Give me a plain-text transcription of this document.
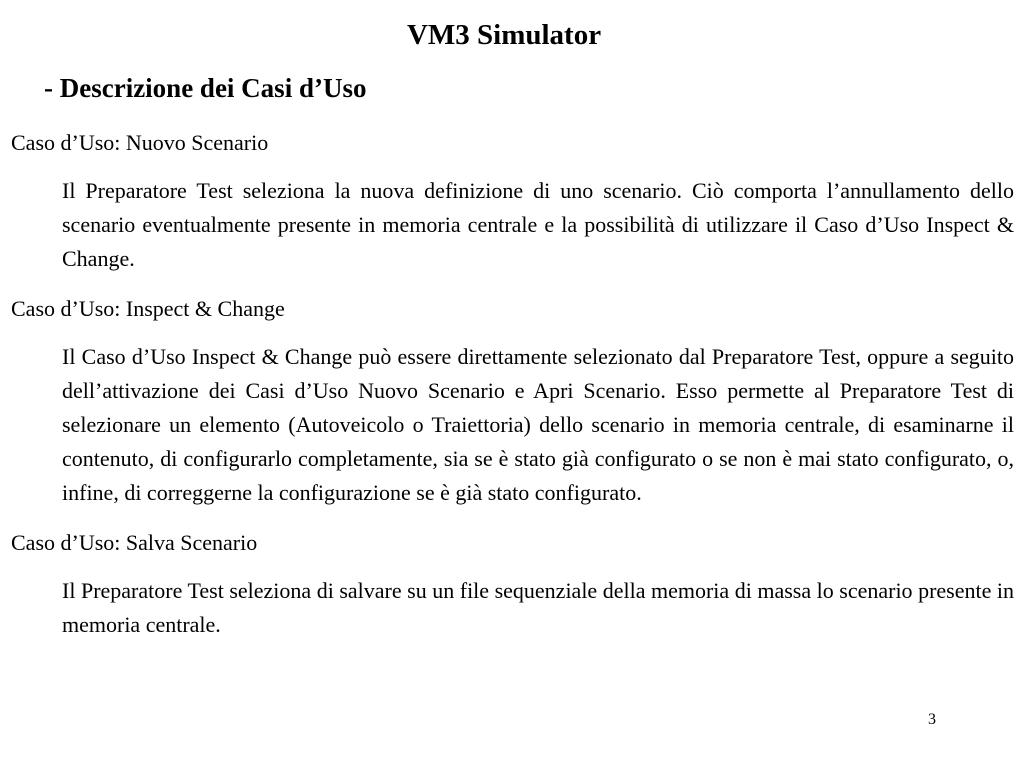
VM3 Simulator
- Descrizione dei Casi d’Uso

Caso d’Uso: Nuovo Scenario

Il Preparatore Test seleziona la nuova definizione di uno scenario. Ciò comporta l’annullamento dello scenario eventualmente presente in memoria centrale e la possibilità di utilizzare il Caso d’Uso Inspect & Change.

Caso d’Uso: Inspect & Change

Il Caso d’Uso Inspect & Change può essere direttamente selezionato dal Preparatore Test, oppure a seguito dell’attivazione dei Casi d’Uso Nuovo Scenario e Apri Scenario. Esso permette al Preparatore Test di selezionare un elemento (Autoveicolo o Traiettoria) dello scenario in memoria centrale, di esaminarne il contenuto, di configurarlo completamente, sia se è stato già configurato o se non è mai stato configurato, o, infine, di correggerne la configurazione se è già stato configurato.

Caso d’Uso: Salva Scenario

Il Preparatore Test seleziona di salvare su un file sequenziale della memoria di massa lo scenario presente in memoria centrale.

3
